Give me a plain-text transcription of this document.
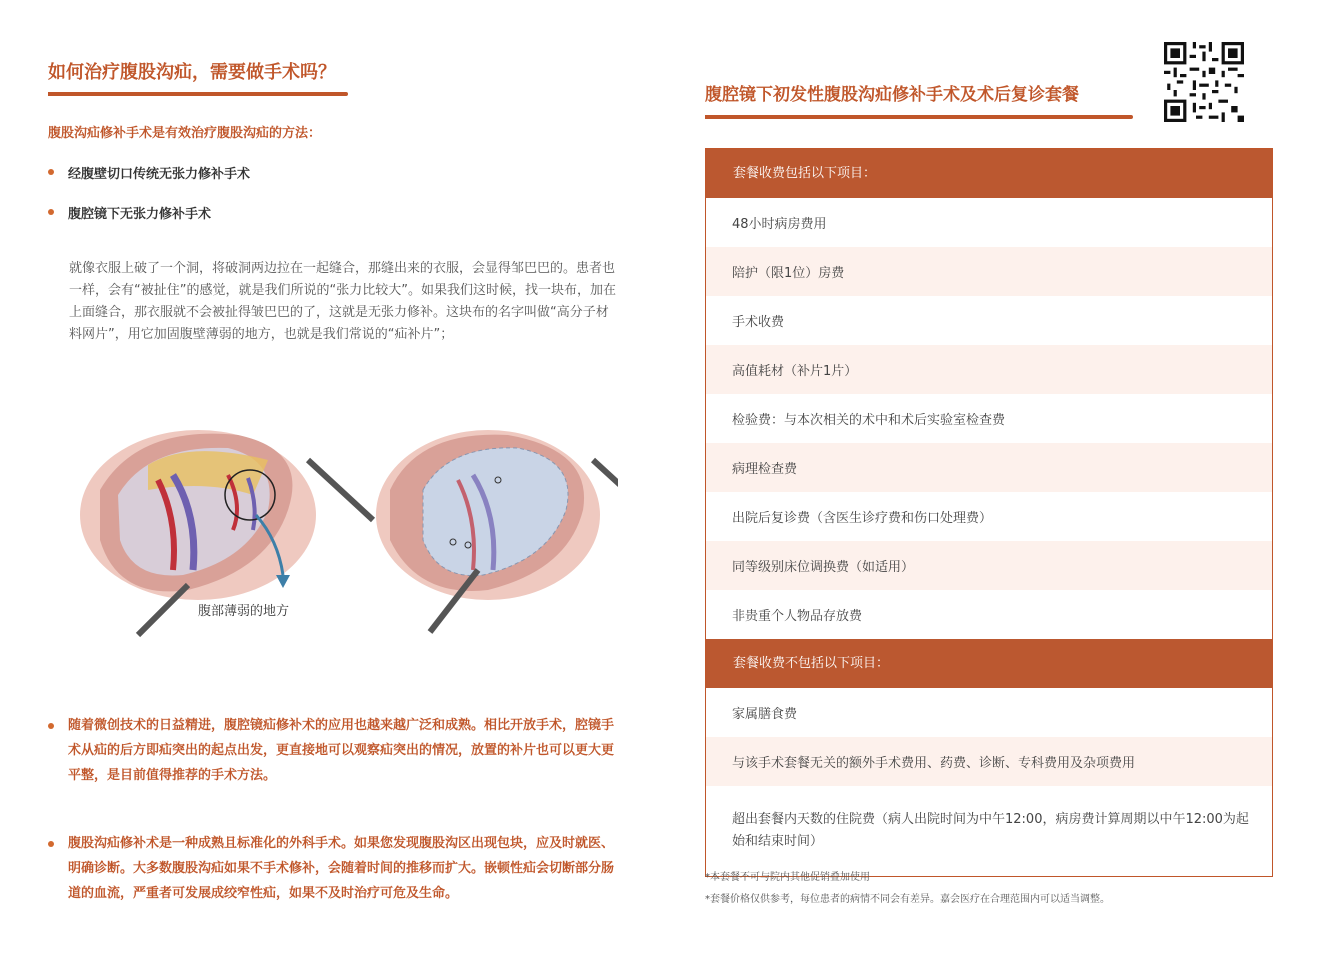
如何治疗腹股沟疝，需要做手术吗？
腹股沟疝修补手术是有效治疗腹股沟疝的方法：
经腹壁切口传统无张力修补手术
腹腔镜下无张力修补手术
就像衣服上破了一个洞，将破洞两边拉在一起缝合，那缝出来的衣服，会显得邹巴巴的。患者也一样，会有“被扯住”的感觉，就是我们所说的“张力比较大”。如果我们这时候，找一块布，加在上面缝合，那衣服就不会被扯得皱巴巴的了，这就是无张力修补。这块布的名字叫做“高分子材料网片”，用它加固腹壁薄弱的地方，也就是我们常说的“疝补片”；
腹部薄弱的地方
随着微创技术的日益精进，腹腔镜疝修补术的应用也越来越广泛和成熟。相比开放手术，腔镜手术从疝的后方即疝突出的起点出发，更直接地可以观察疝突出的情况，放置的补片也可以更大更平整，是目前值得推荐的手术方法。
腹股沟疝修补术是一种成熟且标准化的外科手术。如果您发现腹股沟区出现包块，应及时就医、明确诊断。大多数腹股沟疝如果不手术修补，会随着时间的推移而扩大。嵌顿性疝会切断部分肠道的血流，严重者可发展成绞窄性疝，如果不及时治疗可危及生命。
腹腔镜下初发性腹股沟疝修补手术及术后复诊套餐
套餐收费包括以下项目：
48小时病房费用
陪护（限1位）房费
手术收费
高值耗材（补片1片）
检验费：与本次相关的术中和术后实验室检查费
病理检查费
出院后复诊费（含医生诊疗费和伤口处理费）
同等级别床位调换费（如适用）
非贵重个人物品存放费
套餐收费不包括以下项目：
家属膳食费
与该手术套餐无关的额外手术费用、药费、诊断、专科费用及杂项费用
超出套餐内天数的住院费（病人出院时间为中午12:00，病房费计算周期以中午12:00为起始和结束时间）
*本套餐不可与院内其他促销叠加使用
*套餐价格仅供参考，每位患者的病情不同会有差异。嘉会医疗在合理范围内可以适当调整。
